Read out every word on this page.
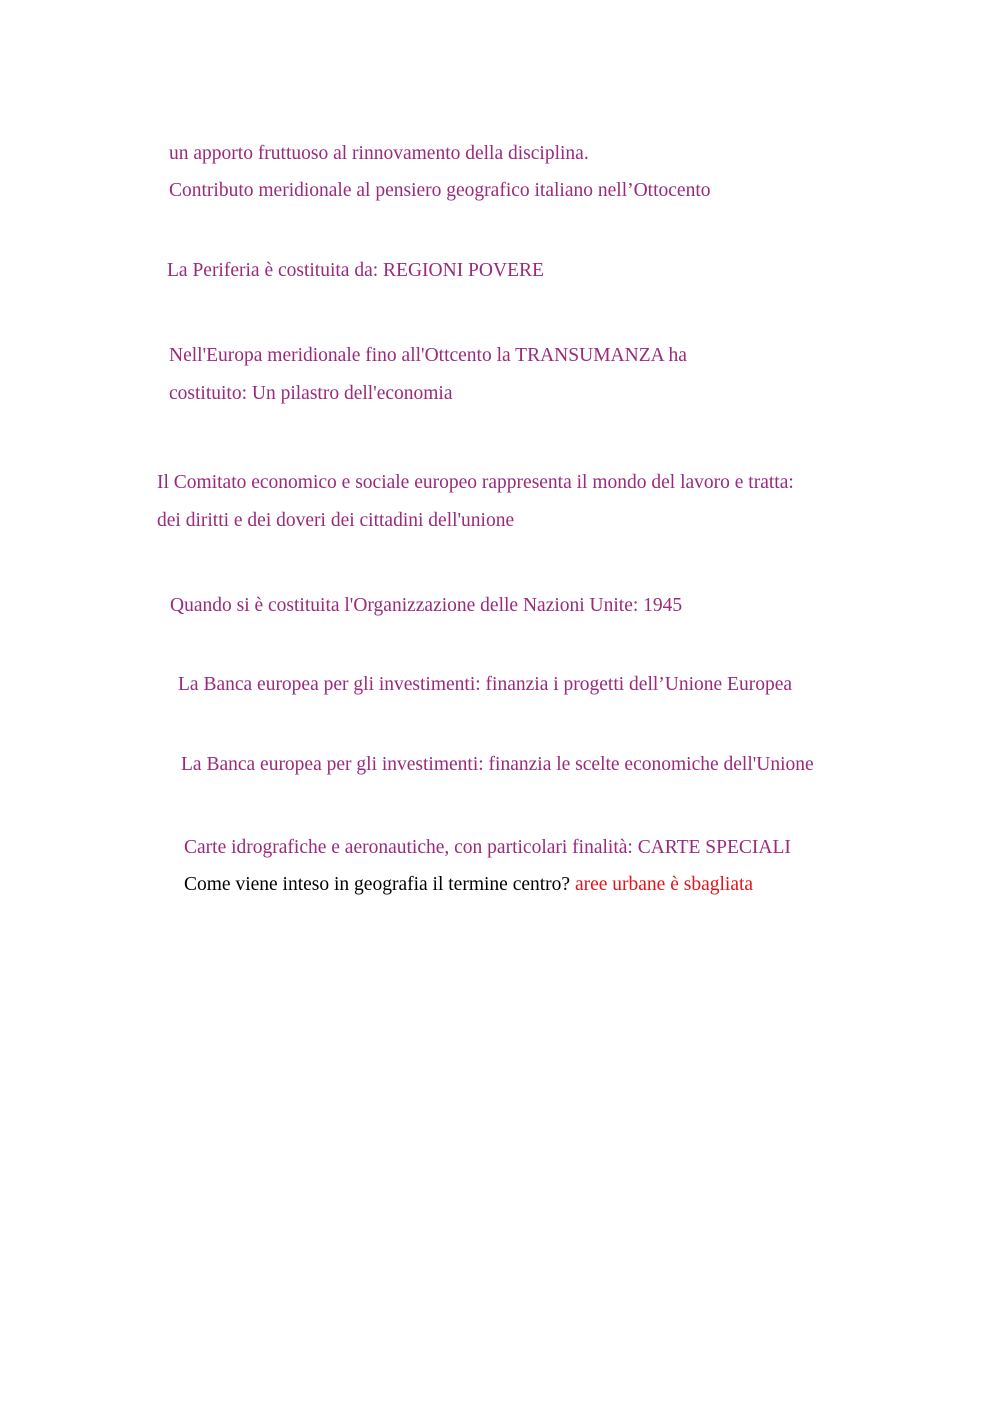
un apporto fruttuoso al rinnovamento della disciplina.
Contributo meridionale al pensiero geografico italiano nell’Ottocento
La Periferia è costituita da: REGIONI POVERE
Nell'Europa meridionale fino all'Ottcento la TRANSUMANZA ha
costituito: Un pilastro dell'economia
Il Comitato economico e sociale europeo rappresenta il mondo del lavoro e tratta:
dei diritti e dei doveri dei cittadini dell'unione
Quando si è costituita l'Organizzazione delle Nazioni Unite: 1945
La Banca europea per gli investimenti: finanzia i progetti dell’Unione Europea
La Banca europea per gli investimenti: finanzia le scelte economiche dell'Unione
Carte idrografiche e aeronautiche, con particolari finalità: CARTE SPECIALI
Come viene inteso in geografia il termine centro? aree urbane è sbagliata
